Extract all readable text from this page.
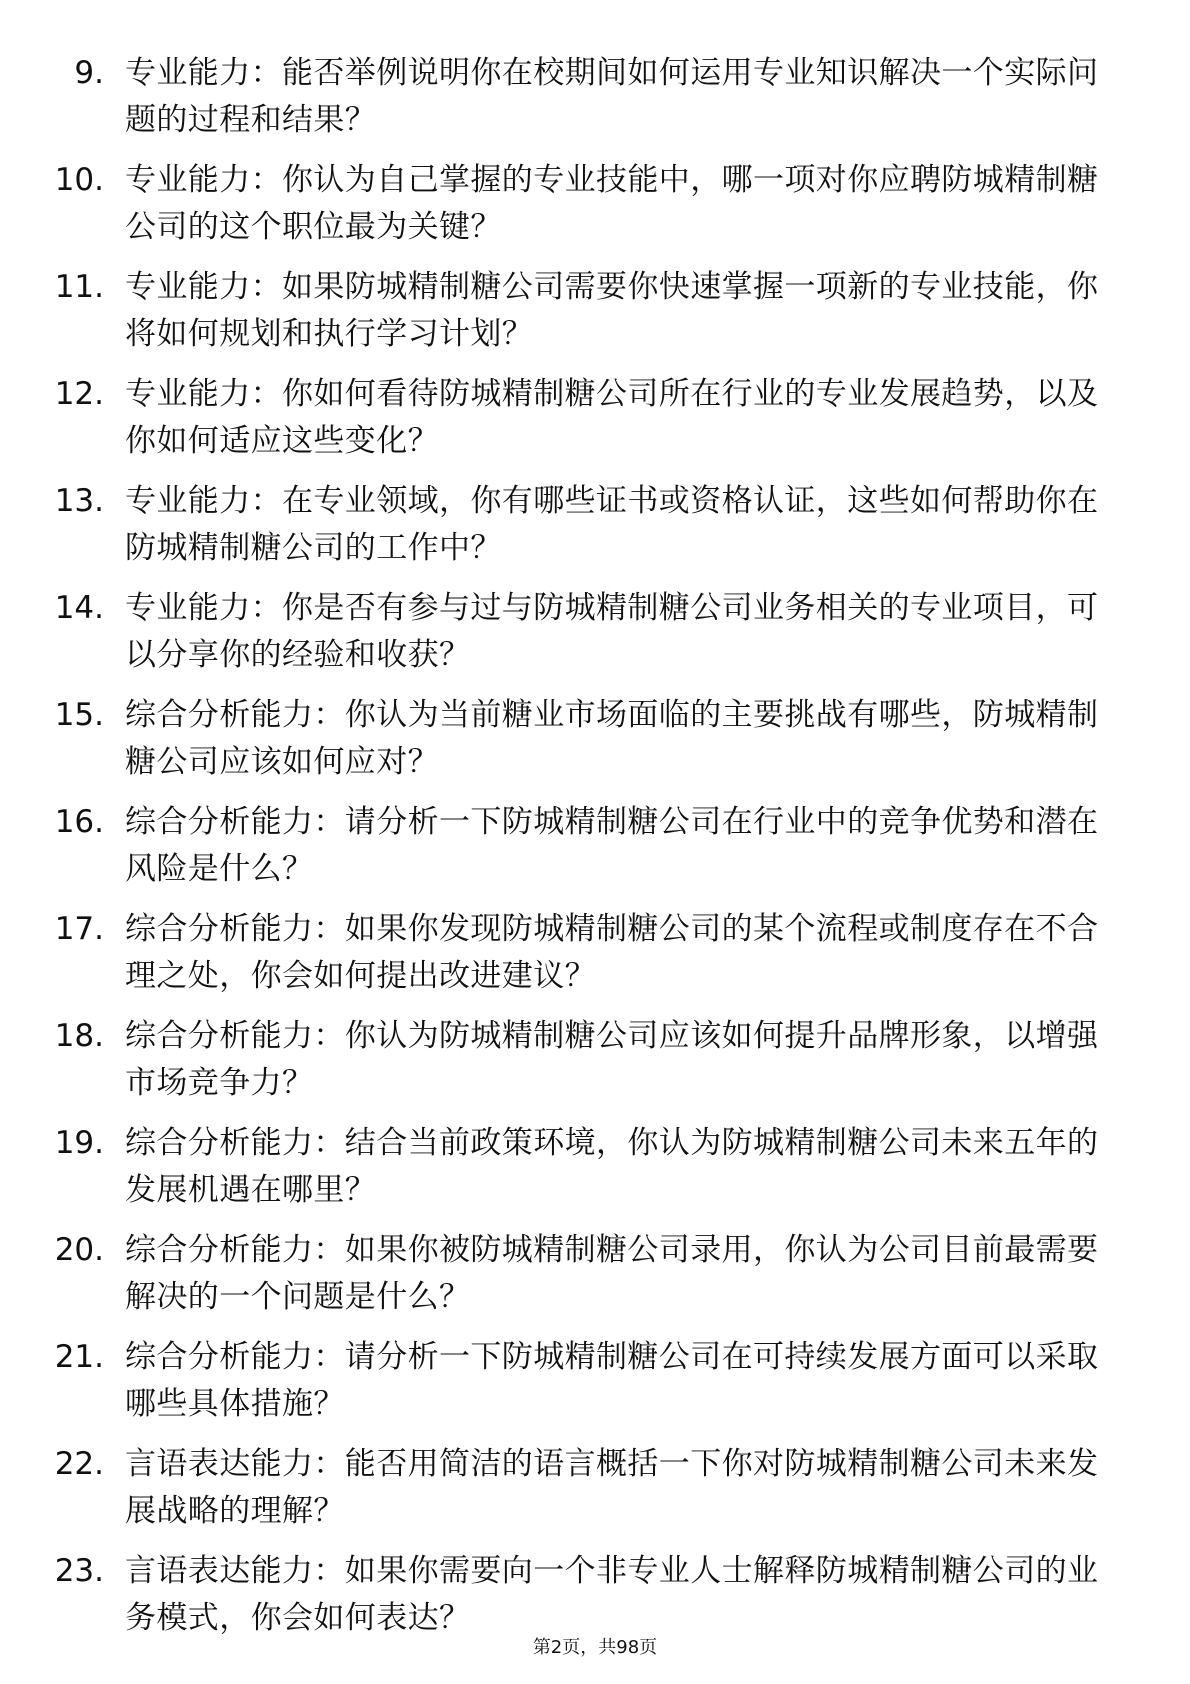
9. 专业能力：能否举例说明你在校期间如何运用专业知识解决一个实际问题的过程和结果？
10. 专业能力：你认为自己掌握的专业技能中，哪一项对你应聘防城精制糖公司的这个职位最为关键？
11. 专业能力：如果防城精制糖公司需要你快速掌握一项新的专业技能，你将如何规划和执行学习计划？
12. 专业能力：你如何看待防城精制糖公司所在行业的专业发展趋势，以及你如何适应这些变化？
13. 专业能力：在专业领域，你有哪些证书或资格认证，这些如何帮助你在防城精制糖公司的工作中？
14. 专业能力：你是否有参与过与防城精制糖公司业务相关的专业项目，可以分享你的经验和收获？
15. 综合分析能力：你认为当前糖业市场面临的主要挑战有哪些，防城精制糖公司应该如何应对？
16. 综合分析能力：请分析一下防城精制糖公司在行业中的竞争优势和潜在风险是什么？
17. 综合分析能力：如果你发现防城精制糖公司的某个流程或制度存在不合理之处，你会如何提出改进建议？
18. 综合分析能力：你认为防城精制糖公司应该如何提升品牌形象，以增强市场竞争力？
19. 综合分析能力：结合当前政策环境，你认为防城精制糖公司未来五年的发展机遇在哪里？
20. 综合分析能力：如果你被防城精制糖公司录用，你认为公司目前最需要解决的一个问题是什么？
21. 综合分析能力：请分析一下防城精制糖公司在可持续发展方面可以采取哪些具体措施？
22. 言语表达能力：能否用简洁的语言概括一下你对防城精制糖公司未来发展战略的理解？
23. 言语表达能力：如果你需要向一个非专业人士解释防城精制糖公司的业务模式，你会如何表达？
第2页，共98页
